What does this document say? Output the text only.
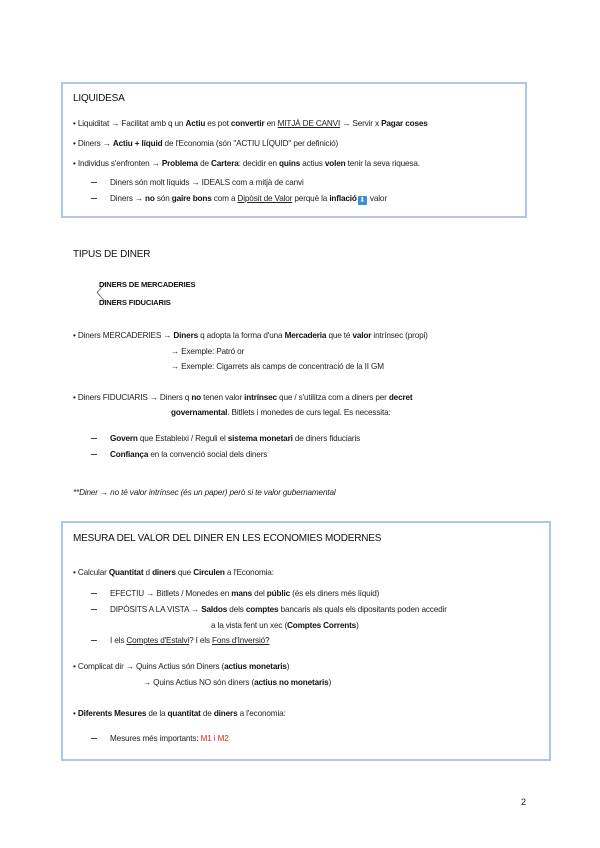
LIQUIDESA
• Liquiditat → Facilitat amb q un Actiu es pot convertir en MITJÀ DE CANVI → Servir x Pagar coses
• Diners → Actiu + líquid de l'Economia (són "ACTIU LÍQUID" per definició)
• Individus s'enfronten → Problema de Cartera: decidir en quins actius volen tenir la seva riquesa.
Diners són molt líquids → IDEALS com a mitjà de canvi
Diners → no són gaire bons com a Dipòsit de Valor perquè la inflació ⬇ valor
TIPUS DE DINER
〈
DINERS DE MERCADERIES
DINERS FIDUCIARIS
• Diners MERCADERIES → Diners q adopta la forma d'una Mercaderia que té valor intrínsec (propi)
→ Exemple: Patró or
→ Exemple: Cigarrets als camps de concentració de la II GM
• Diners FIDUCIARIS → Diners q no tenen valor intrínsec que / s'utilitza com a diners per decret
governamental. Bitllets i monedes de curs legal. Es necessita:
Govern que Estableixi / Reguli el sistema monetari de diners fiduciaris
Confiança en la convenció social dels diners
**Diner → no té valor intrínsec (és un paper) però si te valor gubernamental
MESURA DEL VALOR DEL DINER EN LES ECONOMIES MODERNES
• Calcular Quantitat d diners que Circulen a l'Economia:
EFECTIU → Bitllets / Monedes en mans del públic (és els diners més líquid)
DIPÒSITS A LA VISTA → Saldos dels comptes bancaris als quals els dipositants poden accedir
a la vista fent un xec (Comptes Corrents)
I els Comptes d'Estalvi? I els Fons d'Inversió?
• Complicat dir → Quins Actius són Diners (actius monetaris)
→ Quins Actius NO són diners (actius no monetaris)
• Diferents Mesures de la quantitat de diners a l'economia:
Mesures més importants: M1 i M2
2
